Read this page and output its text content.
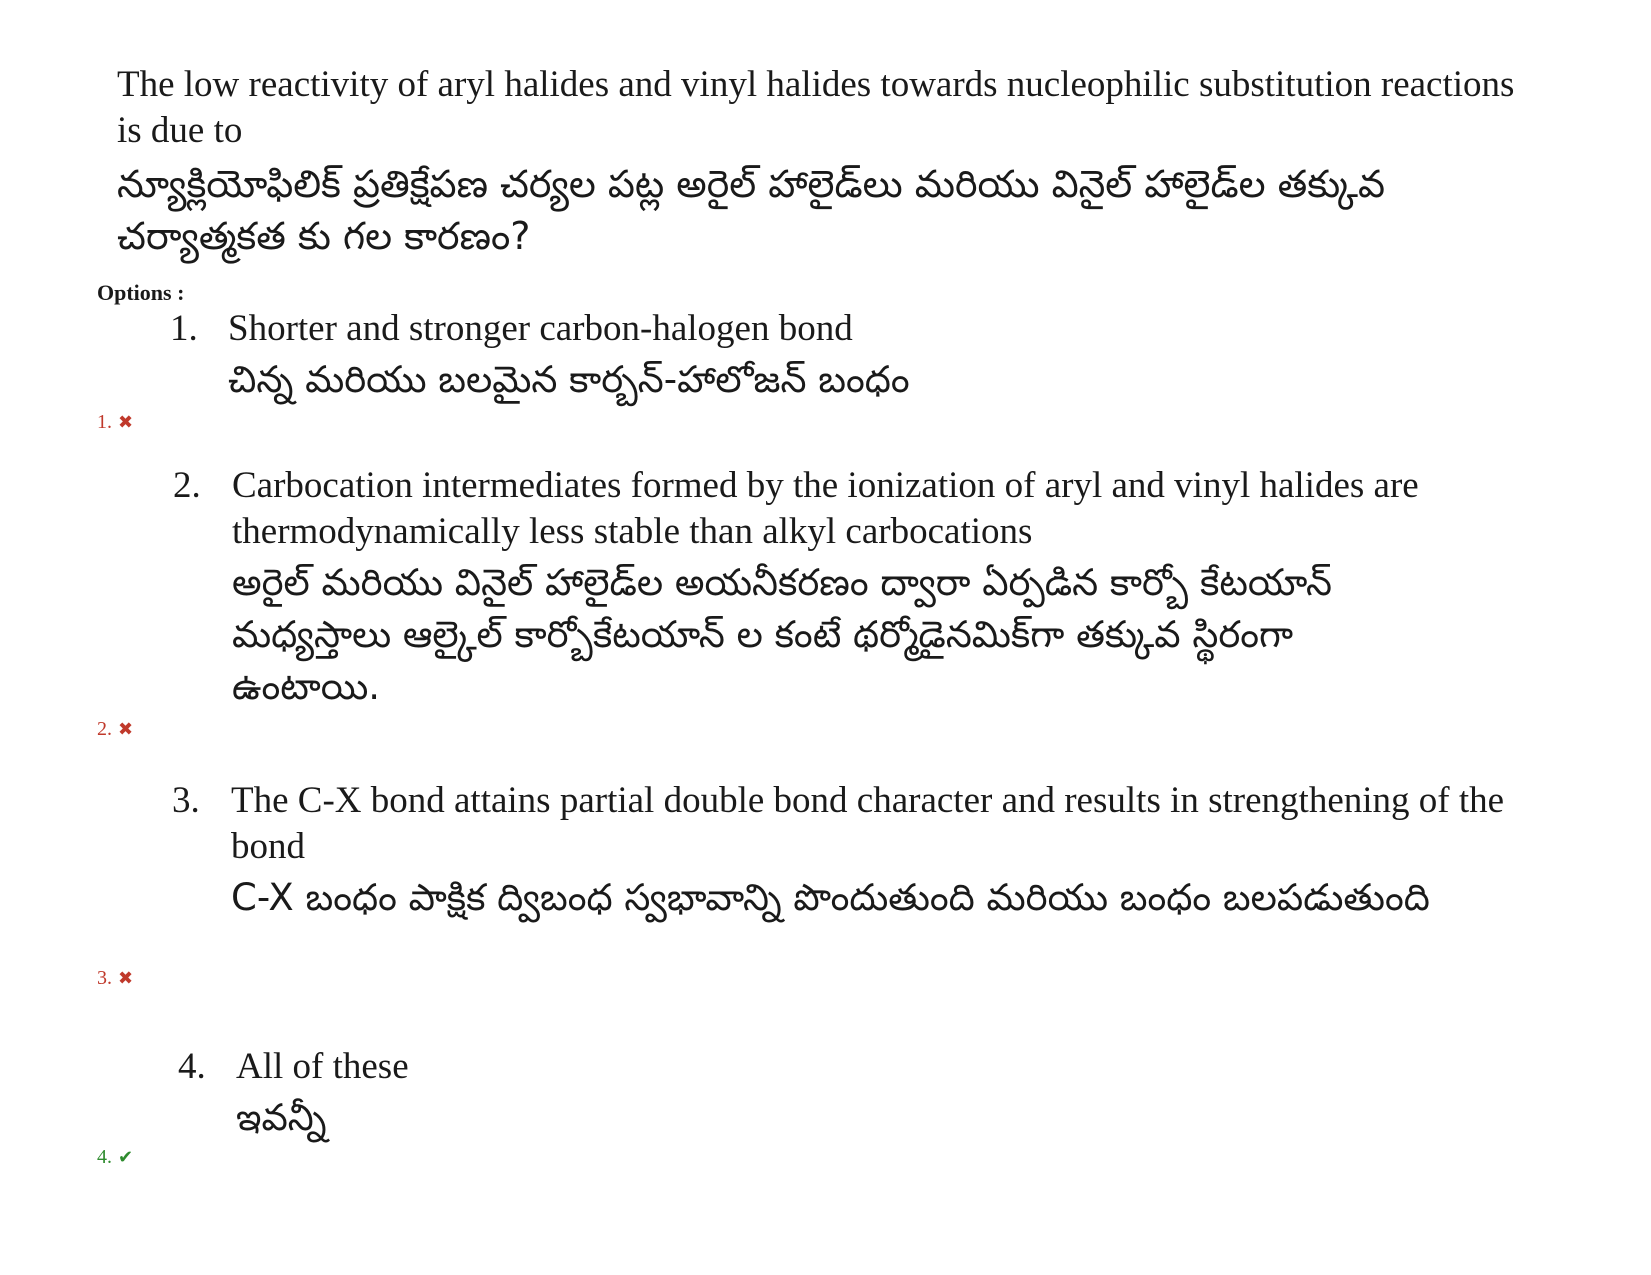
The low reactivity of aryl halides and vinyl halides towards nucleophilic substitution reactions is due to

న్యూక్లియోఫిలిక్ ప్రతిక్షేపణ చర్యల పట్ల అరైల్ హాలైడ్‌లు మరియు వినైల్ హాలైడ్‌ల తక్కువ చర్యాత్మకత కు గల కారణం?

Options :

1. Shorter and stronger carbon-halogen bond

చిన్న మరియు బలమైన కార్బన్-హాలోజన్ బంధం

1. ✖
2. Carbocation intermediates formed by the ionization of aryl and vinyl halides are thermodynamically less stable than alkyl carbocations

అరైల్ మరియు వినైల్ హాలైడ్‌ల అయనీకరణం ద్వారా ఏర్పడిన కార్బో కేటయాన్ మధ్యస్తాలు ఆల్కైల్ కార్బోకేటయాన్ ల కంటే థర్మోడైనమిక్‌గా తక్కువ స్థిరంగా ఉంటాయి.

2. ✖
3. The C-X bond attains partial double bond character and results in strengthening of the bond

C-X బంధం పాక్షిక ద్విబంధ స్వభావాన్ని పొందుతుంది మరియు బంధం బలపడుతుంది

3. ✖
4. All of these

ఇవన్నీ

4. ✔
